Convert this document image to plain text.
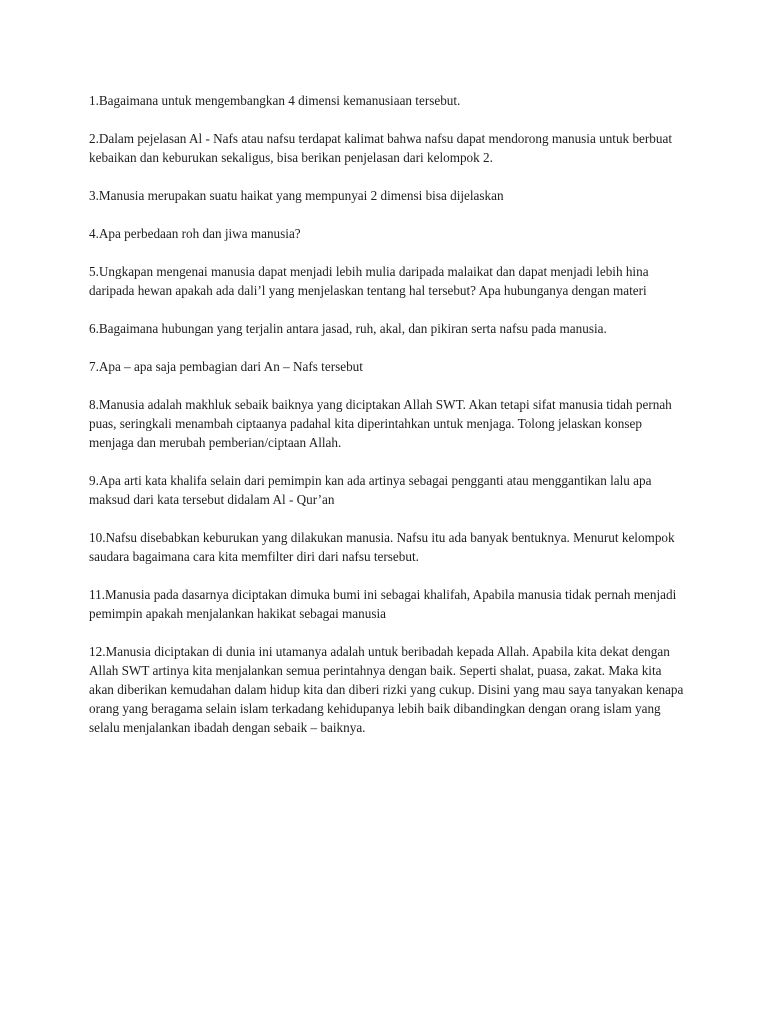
1.Bagaimana untuk mengembangkan 4 dimensi kemanusiaan tersebut.

2.Dalam pejelasan Al - Nafs atau nafsu terdapat kalimat bahwa nafsu dapat mendorong manusia untuk berbuat kebaikan dan keburukan sekaligus, bisa berikan penjelasan dari kelompok 2.

3.Manusia merupakan suatu haikat yang mempunyai 2 dimensi bisa dijelaskan

4.Apa perbedaan roh dan jiwa manusia?

5.Ungkapan mengenai manusia dapat menjadi lebih mulia daripada malaikat dan dapat menjadi lebih hina daripada hewan apakah ada dali’l yang menjelaskan tentang hal tersebut? Apa hubunganya dengan materi

6.Bagaimana hubungan yang terjalin antara jasad, ruh, akal, dan pikiran serta nafsu pada manusia.

7.Apa – apa saja pembagian dari An – Nafs tersebut

8.Manusia adalah makhluk sebaik baiknya yang diciptakan Allah SWT. Akan tetapi sifat manusia tidah pernah puas, seringkali menambah ciptaanya padahal kita diperintahkan untuk menjaga. Tolong jelaskan konsep menjaga dan merubah pemberian/ciptaan Allah.

9.Apa arti kata khalifa selain dari pemimpin kan ada artinya sebagai pengganti atau menggantikan lalu apa maksud dari kata tersebut didalam Al - Qur’an

10.Nafsu disebabkan keburukan yang dilakukan manusia. Nafsu itu ada banyak bentuknya. Menurut kelompok saudara bagaimana cara kita memfilter diri dari nafsu tersebut.

11.Manusia pada dasarnya diciptakan dimuka bumi ini sebagai khalifah, Apabila manusia tidak pernah menjadi pemimpin apakah menjalankan hakikat sebagai manusia

12.Manusia diciptakan di dunia ini utamanya adalah untuk beribadah kepada Allah. Apabila kita dekat dengan Allah SWT artinya kita menjalankan semua perintahnya dengan baik. Seperti shalat, puasa, zakat. Maka kita akan diberikan kemudahan dalam hidup kita dan diberi rizki yang cukup. Disini yang mau saya tanyakan kenapa orang yang beragama selain islam terkadang kehidupanya lebih baik dibandingkan dengan orang islam yang selalu menjalankan ibadah dengan sebaik – baiknya.
